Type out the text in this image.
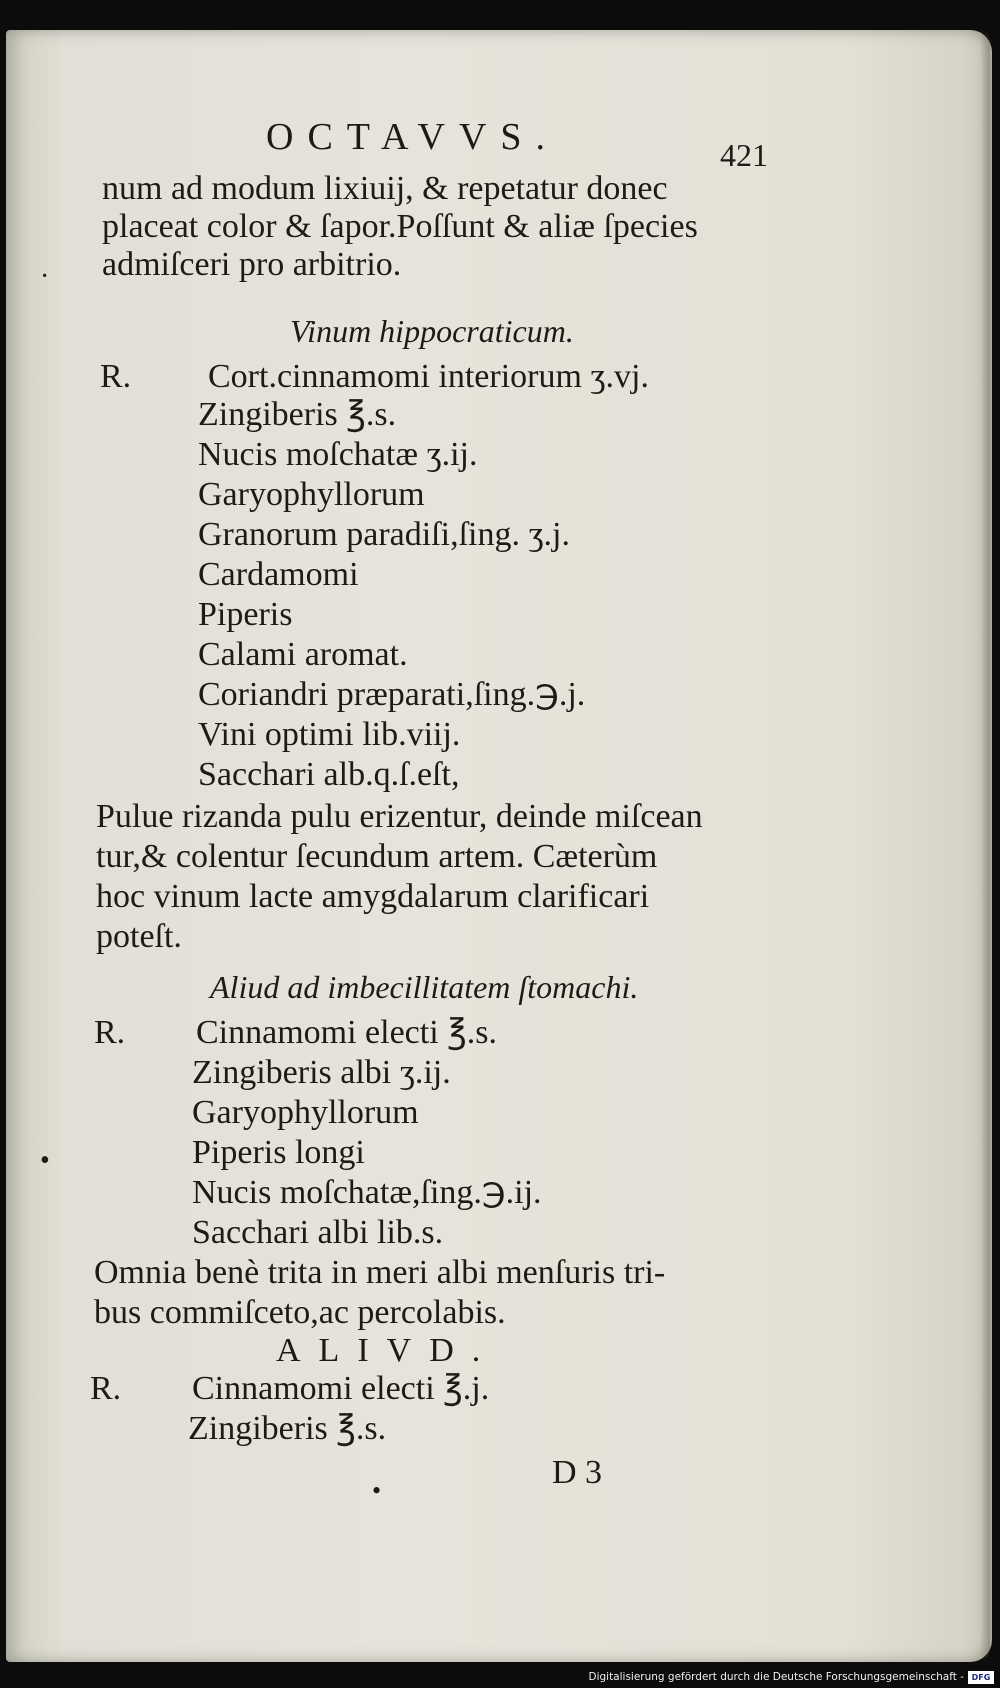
OCTAVVS.	421
num ad modum lixiuij, & repetatur donec
placeat color & ſapor.Poſſunt & aliæ ſpecies
admiſceri pro arbitrio.
·
Vinum hippocraticum.
R. Cort.cinnamomi interiorum ʒ.vj.
Zingiberis ℥.s.
Nucis moſchatæ ʒ.ij.
Garyophyllorum
Granorum paradiſi,ſing. ʒ.j.
Cardamomi
Piperis
Calami aromat.
Coriandri præparati,ſing.℈.j.
Vini optimi lib.viij.
Sacchari alb.q.ſ.eſt,
Pulue rizanda pulu erizentur, deinde miſcean
tur,& colentur ſecundum artem. Cæterùm
hoc vinum lacte amygdalarum clarificari
poteſt.
Aliud ad imbecillitatem ſtomachi.
R. Cinnamomi electi ℥.s.
Zingiberis albi ʒ.ij.
Garyophyllorum
Piperis longi
•
Nucis moſchatæ,ſing.℈.ij.
Sacchari albi lib.s.
Omnia benè trita in meri albi menſuris tri-
bus commiſceto,ac percolabis.
ALIVD.
R. Cinnamomi electi ℥.j.
Zingiberis ℥.s.
•	D 3
Digitalisierung gefördert durch die Deutsche Forschungsgemeinschaft - DFG
